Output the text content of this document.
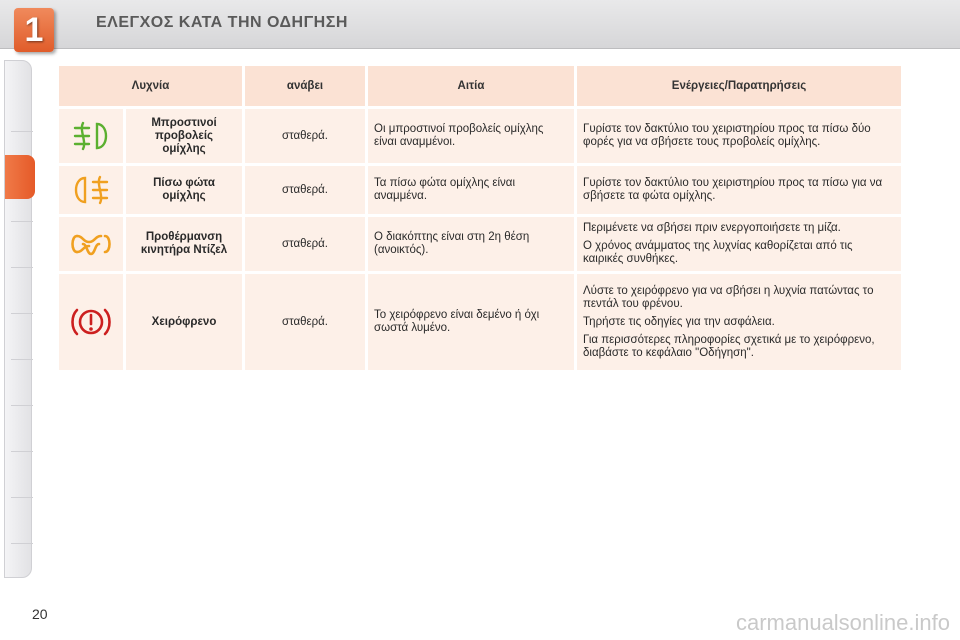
1	ΕΛΕΓΧΟΣ ΚΑΤΑ ΤΗΝ ΟΔΗΓΗΣΗ
Λυχνία		ανάβει	Αιτία	Ενέργειες/Παρατηρήσεις

	Μπροστινοί προβολείς ομίχλης	σταθερά.	Οι μπροστινοί προβολείς ομίχλης είναι αναμμένοι.	Γυρίστε τον δακτύλιο του χειριστηρίου προς τα πίσω δύο φορές για να σβήσετε τους προβολείς ομίχλης.

	Πίσω φώτα ομίχλης	σταθερά.	Τα πίσω φώτα ομίχλης είναι αναμμένα.	Γυρίστε τον δακτύλιο του χειριστηρίου προς τα πίσω για να σβήσετε τα φώτα ομίχλης.

	Προθέρμανση κινητήρα Ντίζελ	σταθερά.	Ο διακόπτης είναι στη 2η θέση (ανοικτός).	Περιμένετε να σβήσει πριν ενεργοποιήσετε τη μίζα.

Ο χρόνος ανάμματος της λυχνίας καθορίζεται από τις καιρικές συνθήκες.

	Χειρόφρενο	σταθερά.	Το χειρόφρενο είναι δεμένο ή όχι σωστά λυμένο.	Λύστε το χειρόφρενο για να σβήσει η λυχνία πατώντας το πεντάλ του φρένου.

Τηρήστε τις οδηγίες για την ασφάλεια.

Για περισσότερες πληροφορίες σχετικά με το χειρόφρενο, διαβάστε το κεφάλαιο "Οδήγηση".

20	carmanualsonline.info
